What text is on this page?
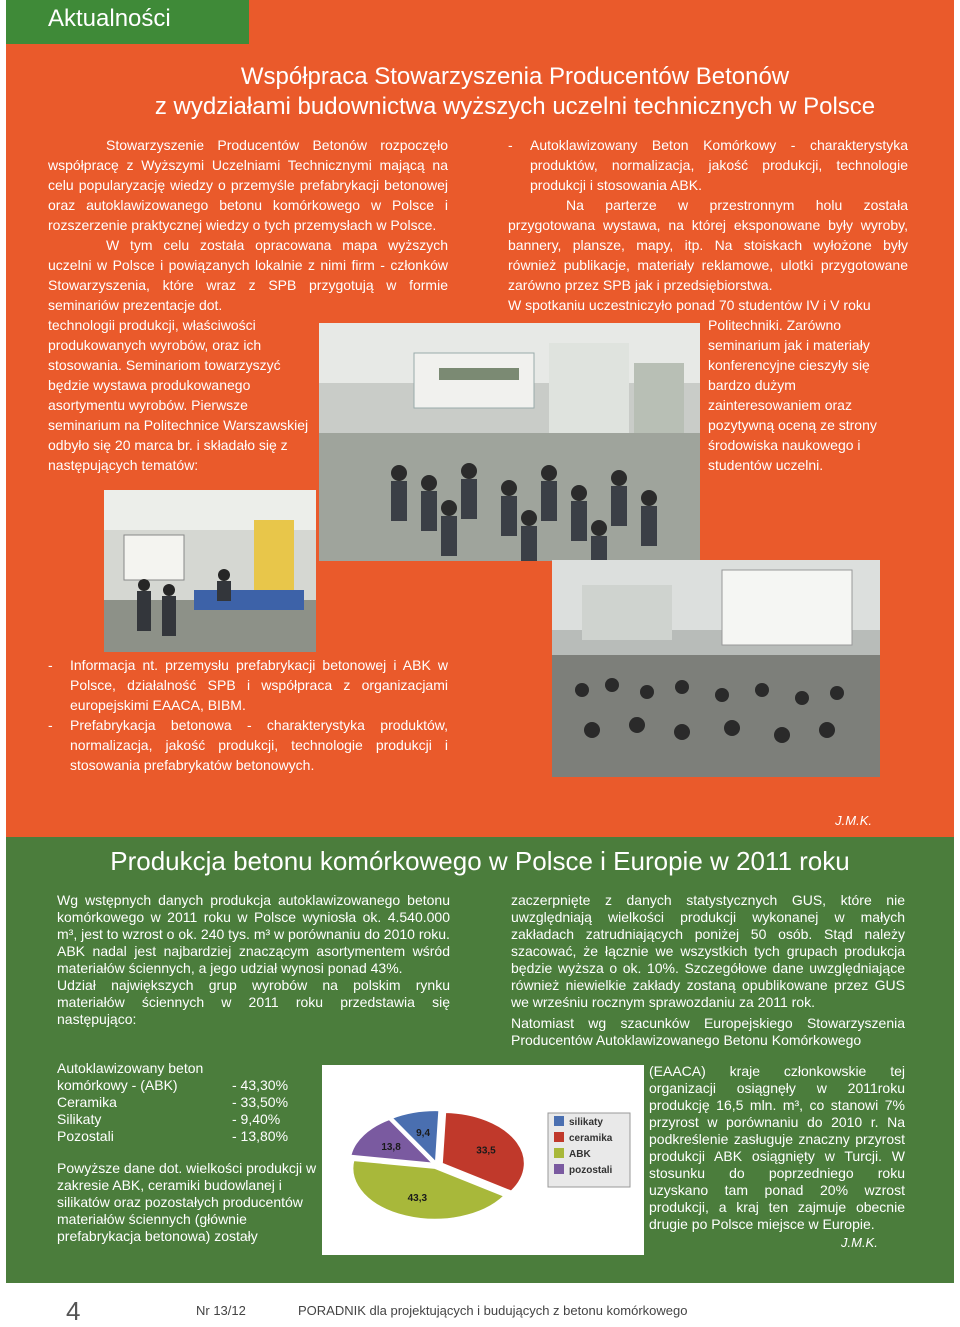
Aktualności
Współpraca Stowarzyszenia Producentów Betonów
z wydziałami budownictwa wyższych uczelni technicznych w Polsce

Stowarzyszenie Producentów Betonów rozpoczęło współpracę z Wyższymi Uczelniami Technicznymi mającą na celu popularyzację wiedzy o przemyśle prefabrykacji betonowej oraz autoklawizowanego betonu komórkowego w Polsce i rozszerzenie praktycznej wiedzy o tych przemysłach w Polsce.

W tym celu została opracowana mapa wyższych uczelni w Polsce i powiązanych lokalnie z nimi firm - członków Stowarzyszenia, które wraz z SPB przygotują w formie seminariów prezentacje dot.

technologii produkcji, właściwości produkowanych wyrobów, oraz ich stosowania. Seminariom towarzyszyć będzie wystawa produkowanego asortymentu wyrobów. Pierwsze seminarium na Politechnice Warszawskiej odbyło się 20 marca br. i składało się z następujących tematów:

-	Autoklawizowany Beton Komórkowy - charakterystyka produktów, normalizacja, jakość produkcji, technologie produkcji i stosowania ABK.

Na parterze w przestronnym holu została przygotowana wystawa, na której eksponowane były wyroby, bannery, plansze, mapy, itp. Na stoiskach wyłożone były również publikacje, materiały reklamowe, ulotki przygotowane zarówno przez SPB jak i przedsiębiorstwa.

W spotkaniu uczestniczyło ponad 70 studentów IV i V roku

Politechniki. Zarówno seminarium jak i materiały konferencyjne cieszyły się bardzo dużym zainteresowaniem oraz pozytywną oceną ze strony środowiska naukowego i studentów uczelni.

-	Informacja nt. przemysłu prefabrykacji betonowej i ABK w Polsce, działalność SPB i współpraca z organizacjami europejskimi EAACA, BIBM.
-	Prefabrykacja betonowa - charakterystyka produktów, normalizacja, jakość produkcji, technologie produkcji i stosowania prefabrykatów betonowych.
J.M.K.
Produkcja betonu komórkowego w Polsce i Europie w 2011 roku

Wg wstępnych danych produkcja autoklawizowanego betonu komórkowego w 2011 roku w Polsce wyniosła ok. 4.540.000 m³, jest to wzrost o ok. 240 tys. m³ w porównaniu do 2010 roku.

ABK nadal jest najbardziej znaczącym asortymentem wśród materiałów ściennych, a jego udział wynosi ponad 43%.

Udział największych grup wyrobów na polskim rynku materiałów ściennych w 2011 roku przedstawia się następująco:

Autoklawizowany beton	
komórkowy - (ABK)	- 43,30%
Ceramika	- 33,50%
Silikaty	- 9,40%
Pozostali	- 13,80%

Powyższe dane dot. wielkości produkcji w zakresie ABK, ceramiki budowlanej i silikatów oraz pozostałych producentów materiałów ściennych (głównie prefabrykacja betonowa) zostały

9,4
33,5
43,3
13,8
silikaty
ceramika
ABK
pozostali

zaczerpnięte z danych statystycznych GUS, które nie uwzględniają wielkości produkcji wykonanej w małych zakładach zatrudniających poniżej 50 osób. Stąd należy szacować, że łącznie we wszystkich tych grupach produkcja będzie wyższa o ok. 10%. Szczegółowe dane uwzględniające również niewielkie zakłady zostaną opublikowane przez GUS we wrześniu rocznym sprawozdaniu za 2011 rok.

Natomiast wg szacunków Europejskiego Stowarzyszenia Producentów Autoklawizowanego Betonu Komórkowego

(EAACA) kraje członkowskie tej organizacji osiągnęły w 2011roku produkcję 16,5 mln. m³, co stanowi 7% przyrost w porównaniu do 2010 r. Na podkreślenie zasługuje znaczny przyrost produkcji ABK osiągnięty w Turcji. W stosunku do poprzedniego roku uzyskano tam ponad 20% wzrost produkcji, a kraj ten zajmuje obecnie drugie po Polsce miejsce w Europie.

J.M.K.
4	Nr 13/12	PORADNIK dla projektujących i budujących z betonu komórkowego
